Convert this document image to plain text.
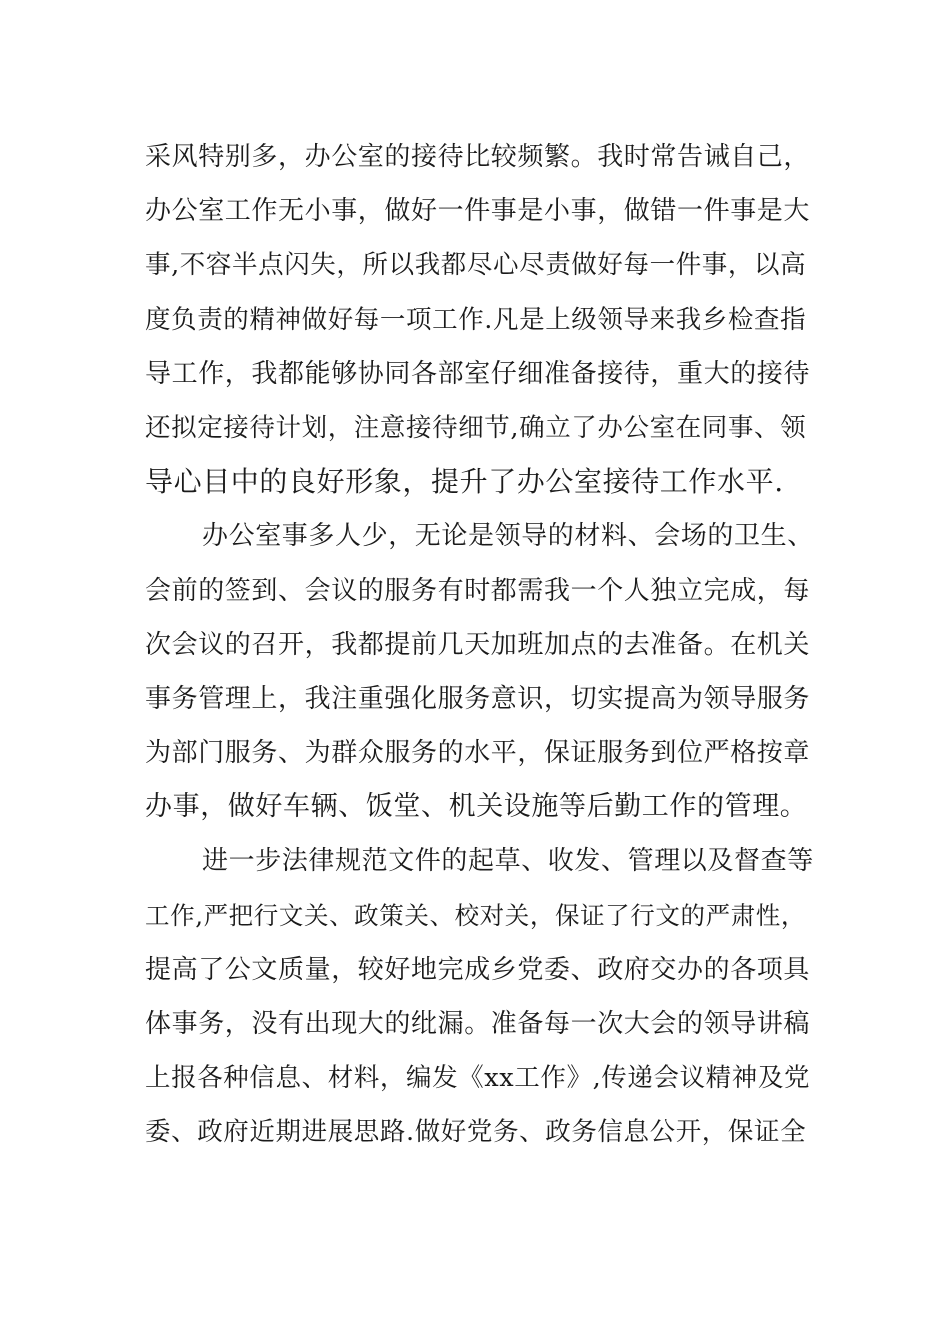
采风特别多，办公室的接待比较频繁。我时常告诫自己，
办公室工作无小事，做好一件事是小事，做错一件事是大
事,不容半点闪失，所以我都尽心尽责做好每一件事，以高
度负责的精神做好每一项工作.凡是上级领导来我乡检查指
导工作，我都能够协同各部室仔细准备接待，重大的接待
还拟定接待计划，注意接待细节,确立了办公室在同事、领
导心目中的良好形象，提升了办公室接待工作水平.
办公室事多人少，无论是领导的材料、会场的卫生、
会前的签到、会议的服务有时都需我一个人独立完成，每
次会议的召开，我都提前几天加班加点的去准备。在机关
事务管理上，我注重强化服务意识，切实提高为领导服务
为部门服务、为群众服务的水平，保证服务到位严格按章
办事，做好车辆、饭堂、机关设施等后勤工作的管理。
进一步法律规范文件的起草、收发、管理以及督查等
工作,严把行文关、政策关、校对关，保证了行文的严肃性，
提高了公文质量，较好地完成乡党委、政府交办的各项具
体事务，没有出现大的纰漏。准备每一次大会的领导讲稿
上报各种信息、材料，编发《xx工作》,传递会议精神及党
委、政府近期进展思路.做好党务、政务信息公开，保证全
